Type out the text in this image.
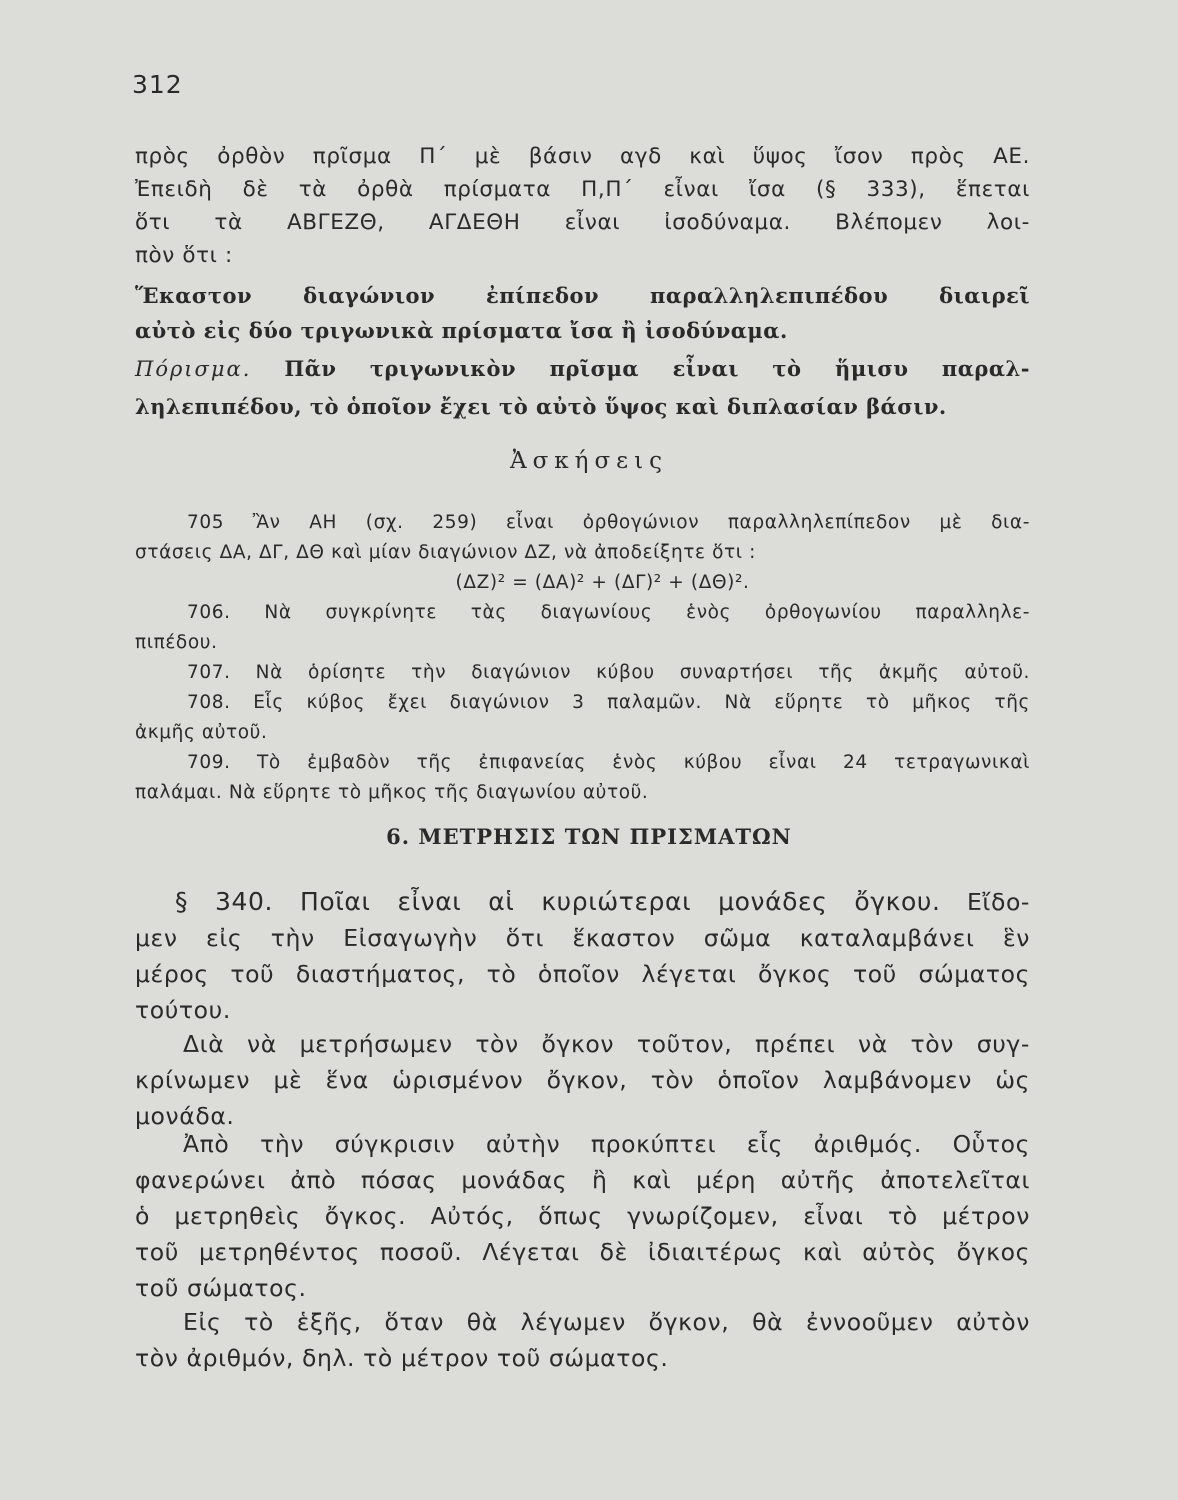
312

πρὸς ὀρθὸν πρῖσμα Π΄ μὲ βάσιν αγδ καὶ ὕψος ἴσον πρὸς ΑΕ.
Ἐπειδὴ δὲ τὰ ὀρθὰ πρίσματα Π,Π΄ εἶναι ἴσα (§ 333), ἕπεται
ὅτι τὰ ΑΒΓΕΖΘ, ΑΓΔΕΘΗ εἶναι ἰσοδύναμα. Βλέπομεν λοι-
πὸν ὅτι :

Ἕκαστον διαγώνιον ἐπίπεδον παραλληλεπιπέδου διαιρεῖ
αὐτὸ εἰς δύο τριγωνικὰ πρίσματα ἴσα ἢ ἰσοδύναμα.

Πόρισμα. Πᾶν τριγωνικὸν πρῖσμα εἶναι τὸ ἥμισυ παραλ-
ληλεπιπέδου, τὸ ὁποῖον ἔχει τὸ αὐτὸ ὕψος καὶ διπλασίαν βάσιν.

Ἀσκήσεις

705 Ἂν ΑΗ (σχ. 259) εἶναι ὀρθογώνιον παραλληλεπίπεδον μὲ δια-
στάσεις ΔΑ, ΔΓ, ΔΘ καὶ μίαν διαγώνιον ΔΖ, νὰ ἀποδείξητε ὅτι :
(ΔΖ)² = (ΔΑ)² + (ΔΓ)² + (ΔΘ)².

706. Νὰ συγκρίνητε τὰς διαγωνίους ἑνὸς ὀρθογωνίου παραλληλε-
πιπέδου.

707. Νὰ ὁρίσητε τὴν διαγώνιον κύβου συναρτήσει τῆς ἀκμῆς αὐτοῦ.

708. Εἷς κύβος ἔχει διαγώνιον 3 παλαμῶν. Νὰ εὕρητε τὸ μῆκος τῆς
ἀκμῆς αὐτοῦ.

709. Τὸ ἐμβαδὸν τῆς ἐπιφανείας ἑνὸς κύβου εἶναι 24 τετραγωνικαὶ
παλάμαι. Νὰ εὕρητε τὸ μῆκος τῆς διαγωνίου αὐτοῦ.

6. ΜΕΤΡΗΣΙΣ ΤΩΝ ΠΡΙΣΜΑΤΩΝ

§ 340. Ποῖαι εἶναι αἱ κυριώτεραι μονάδες ὄγκου. Εἴδο-
μεν εἰς τὴν Εἰσαγωγὴν ὅτι ἕκαστον σῶμα καταλαμβάνει ἓν
μέρος τοῦ διαστήματος, τὸ ὁποῖον λέγεται ὄγκος τοῦ σώματος
τούτου.

Διὰ νὰ μετρήσωμεν τὸν ὄγκον τοῦτον, πρέπει νὰ τὸν συγ-
κρίνωμεν μὲ ἕνα ὡρισμένον ὄγκον, τὸν ὁποῖον λαμβάνομεν ὡς
μονάδα.

Ἀπὸ τὴν σύγκρισιν αὐτὴν προκύπτει εἷς ἀριθμός. Οὗτος
φανερώνει ἀπὸ πόσας μονάδας ἢ καὶ μέρη αὐτῆς ἀποτελεῖται
ὁ μετρηθεὶς ὄγκος. Αὐτός, ὅπως γνωρίζομεν, εἶναι τὸ μέτρον
τοῦ μετρηθέντος ποσοῦ. Λέγεται δὲ ἰδιαιτέρως καὶ αὐτὸς ὄγκος
τοῦ σώματος.

Εἰς τὸ ἑξῆς, ὅταν θὰ λέγωμεν ὄγκον, θὰ ἐννοοῦμεν αὐτὸν
τὸν ἀριθμόν, δηλ. τὸ μέτρον τοῦ σώματος.
